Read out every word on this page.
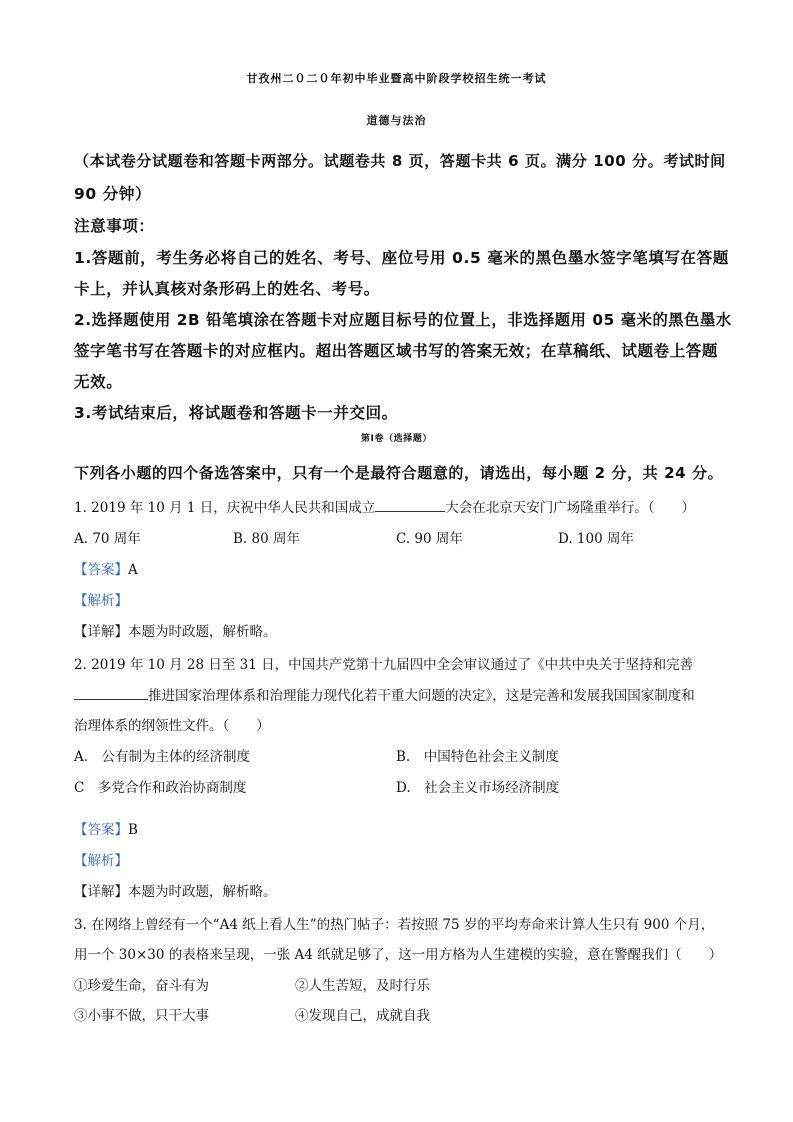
甘孜州二０二０年初中毕业暨高中阶段学校招生统一考试
道德与法治
（本试卷分试题卷和答题卡两部分。试题卷共 8 页，答题卡共 6 页。满分 100 分。考试时间
90 分钟）
注意事项：
1.答题前，考生务必将自己的姓名、考号、座位号用 0.5 毫米的黑色墨水签字笔填写在答题
卡上，并认真核对条形码上的姓名、考号。
2.选择题使用 2B 铅笔填涂在答题卡对应题目标号的位置上，非选择题用 05 毫米的黑色墨水
签字笔书写在答题卡的对应框内。超出答题区域书写的答案无效；在草稿纸、试题卷上答题
无效。
3.考试结束后，将试题卷和答题卡一并交回。
第Ⅰ卷（选择题）
下列各小题的四个备选答案中，只有一个是最符合题意的，请选出，每小题 2 分，共 24 分。
1. 2019 年 10 月 1 日，庆祝中华人民共和国成立	大会在北京天安门广场隆重举行。（　　）
A. 70 周年	B. 80 周年	C. 90 周年	D. 100 周年
【答案】A
【解析】
【详解】本题为时政题，解析略。
2. 2019 年 10 月 28 日至 31 日，中国共产党第十九届四中全会审议通过了《中共中央关于坚持和完善
推进国家治理体系和治理能力现代化若干重大问题的决定》，这是完善和发展我国国家制度和
治理体系的纲领性文件。（　　）
A.　公有制为主体的经济制度	B.　中国特色社会主义制度
C　多党合作和政治协商制度	D.　社会主义市场经济制度
【答案】B
【解析】
【详解】本题为时政题，解析略。
3. 在网络上曾经有一个“A4 纸上看人生”的热门帖子：若按照 75 岁的平均寿命来计算人生只有 900 个月，
用一个 30×30 的表格来呈现，一张 A4 纸就足够了，这一用方格为人生建模的实验，意在警醒我们（　　）
①珍爱生命，奋斗有为	②人生苦短，及时行乐
③小事不做，只干大事	④发现自己，成就自我
